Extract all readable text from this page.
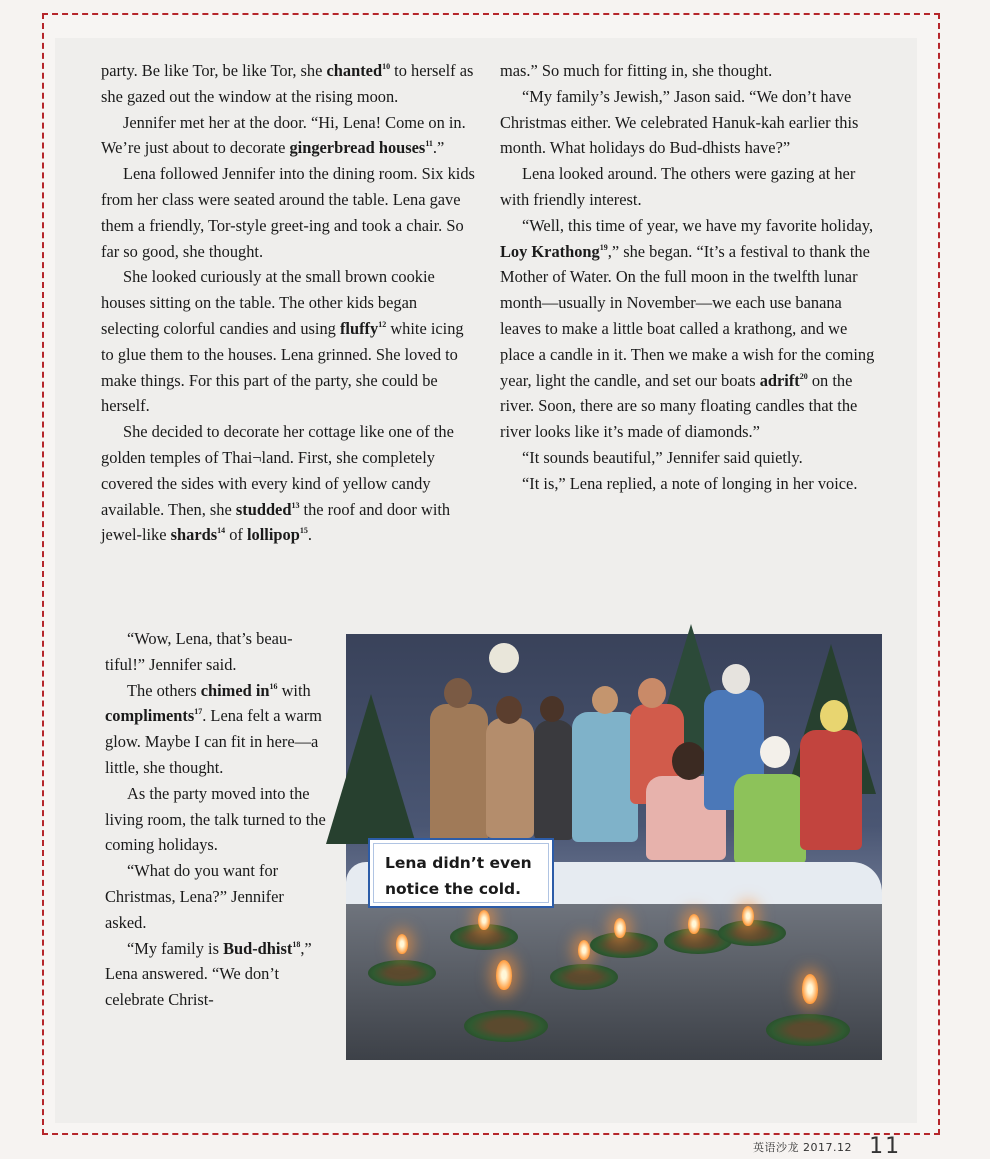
party. Be like Tor, be like Tor, she chanted$^{10}$ to herself as she gazed out the window at the rising moon.

Jennifer met her at the door. “Hi, Lena! Come on in. We’re just about to decorate gingerbread houses$^{11}$.”

Lena followed Jennifer into the dining room. Six kids from her class were seated around the table. Lena gave them a friendly, Tor-style greet-ing and took a chair. So far so good, she thought.

She looked curiously at the small brown cookie houses sitting on the table. The other kids began selecting colorful candies and using fluffy$^{12}$ white icing to glue them to the houses. Lena grinned. She loved to make things. For this part of the party, she could be herself.

She decided to decorate her cottage like one of the golden temples of Thai¬land. First, she completely covered the sides with every kind of yellow candy available. Then, she studded$^{13}$ the roof and door with jewel-like shards$^{14}$ of lollipop$^{15}$.

mas.” So much for fitting in, she thought.

“My family’s Jewish,” Jason said. “We don’t have Christmas either. We celebrated Hanuk-kah earlier this month. What holidays do Bud-dhists have?”

Lena looked around. The others were gazing at her with friendly interest.

“Well, this time of year, we have my favorite holiday, Loy Krathong$^{19}$,” she began. “It’s a festival to thank the Mother of Water. On the full moon in the twelfth lunar month—usually in November—we each use banana leaves to make a little boat called a krathong, and we place a candle in it. Then we make a wish for the coming year, light the candle, and set our boats adrift$^{20}$ on the river. Soon, there are so many floating candles that the river looks like it’s made of diamonds.”

“It sounds beautiful,” Jennifer said quietly.

“It is,” Lena replied, a note of longing in her voice.

“Wow, Lena, that’s beau-tiful!” Jennifer said.

The others chimed $in^{16}$ with compliments$^{17}$. Lena felt a warm glow. Maybe I can fit in here—a little, she thought.

As the party moved into the living room, the talk turned to the coming holidays.

“What do you want for Christmas, Lena?” Jennifer asked.

“My family is Bud-dhist$^{18}$,” Lena answered. “We don’t celebrate Christ-

Lena didn’t even
notice the cold.
英语沙龙 2017.12 11
